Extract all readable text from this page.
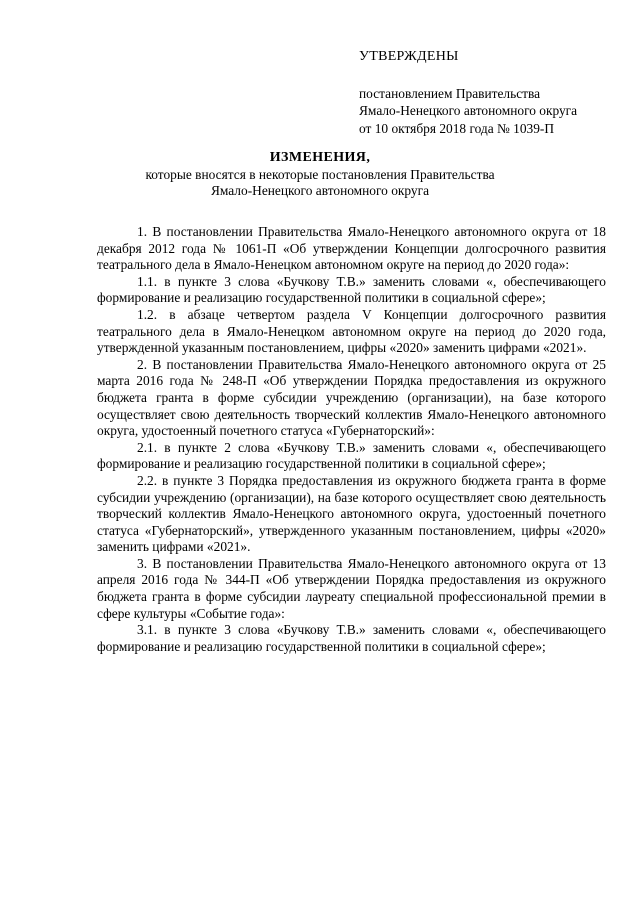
УТВЕРЖДЕНЫ
постановлением Правительства
Ямало-Ненецкого автономного округа
от 10 октября 2018 года № 1039-П
ИЗМЕНЕНИЯ,
которые вносятся в некоторые постановления Правительства
Ямало-Ненецкого автономного округа

1. В постановлении Правительства Ямало-Ненецкого автономного округа от 18 декабря 2012 года № 1061-П «Об утверждении Концепции долгосрочного развития театрального дела в Ямало-Ненецком автономном округе на период до 2020 года»:

1.1. в пункте 3 слова «Бучкову Т.В.» заменить словами «, обеспечивающего формирование и реализацию государственной политики в социальной сфере»;

1.2. в абзаце четвертом раздела V Концепции долгосрочного развития театрального дела в Ямало-Ненецком автономном округе на период до 2020 года, утвержденной указанным постановлением, цифры «2020» заменить цифрами «2021».

2. В постановлении Правительства Ямало-Ненецкого автономного округа от 25 марта 2016 года № 248-П «Об утверждении Порядка предоставления из окружного бюджета гранта в форме субсидии учреждению (организации), на базе которого осуществляет свою деятельность творческий коллектив Ямало-Ненецкого автономного округа, удостоенный почетного статуса «Губернаторский»:

2.1. в пункте 2 слова «Бучкову Т.В.» заменить словами «, обеспечивающего формирование и реализацию государственной политики в социальной сфере»;

2.2. в пункте 3 Порядка предоставления из окружного бюджета гранта в форме субсидии учреждению (организации), на базе которого осуществляет свою деятельность творческий коллектив Ямало-Ненецкого автономного округа, удостоенный почетного статуса «Губернаторский», утвержденного указанным постановлением, цифры «2020» заменить цифрами «2021».

3. В постановлении Правительства Ямало-Ненецкого автономного округа от 13 апреля 2016 года № 344-П «Об утверждении Порядка предоставления из окружного бюджета гранта в форме субсидии лауреату специальной профессиональной премии в сфере культуры «Событие года»:

3.1. в пункте 3 слова «Бучкову Т.В.» заменить словами «, обеспечивающего формирование и реализацию государственной политики в социальной сфере»;
